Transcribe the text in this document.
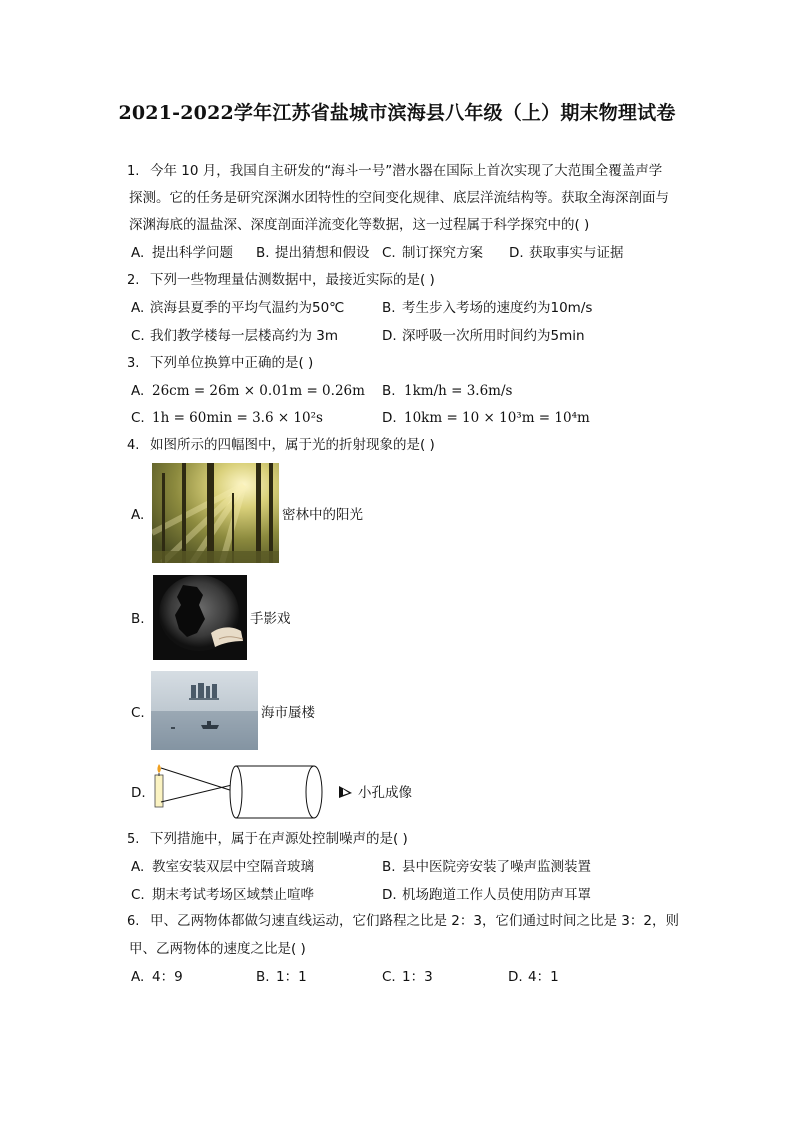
2021-2022学年江苏省盐城市滨海县八年级（上）期末物理试卷
1. 今年 10 月，我国自主研发的“海斗一号”潜水器在国际上首次实现了大范围全覆盖声学
探测。它的任务是研究深渊水团特性的空间变化规律、底层洋流结构等。获取全海深剖面与
深渊海底的温盐深、深度剖面洋流变化等数据，这一过程属于科学探究中的( )
A. 提出科学问题 B. 提出猜想和假设 C. 制订探究方案 D. 获取事实与证据
2. 下列一些物理量估测数据中，最接近实际的是( )
A. 滨海县夏季的平均气温约为50℃	B. 考生步入考场的速度约为10m/s
C. 我们教学楼每一层楼高约为 3m	D. 深呼吸一次所用时间约为5min
3. 下列单位换算中正确的是( )
A. 26cm = 26m × 0.01m = 0.26m B. 1km/h = 3.6m/s
C. 1h = 60min = 3.6 × 10²s	D. 10km = 10 × 10³m = 10⁴m
4. 如图所示的四幅图中，属于光的折射现象的是( )
A.	密林中的阳光
B.	手影戏
C.	海市蜃楼
D.	小孔成像
5. 下列措施中，属于在声源处控制噪声的是( )
A. 教室安装双层中空隔音玻璃	B. 县中医院旁安装了噪声监测装置
C. 期末考试考场区域禁止喧哗	D. 机场跑道工作人员使用防声耳罩
6. 甲、乙两物体都做匀速直线运动，它们路程之比是 2：3，它们通过时间之比是 3：2，则
甲、乙两物体的速度之比是( )
A. 4：9	B. 1：1	C. 1：3	D. 4：1
